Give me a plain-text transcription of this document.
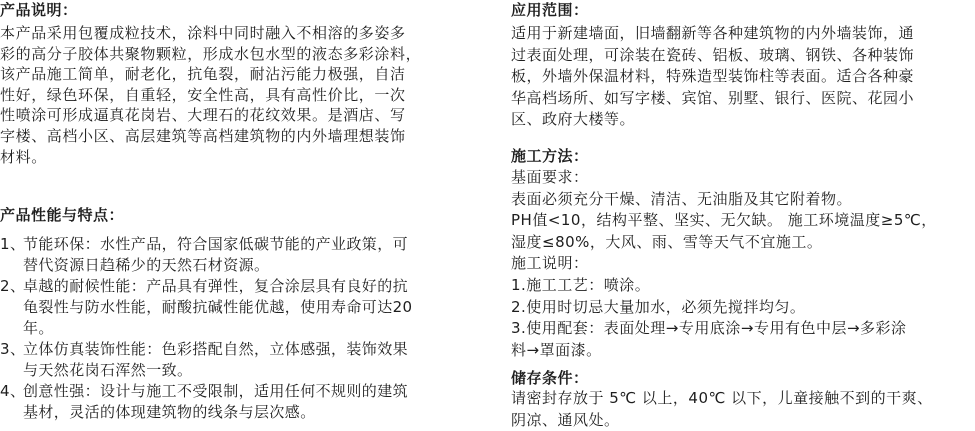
产品说明：
本产品采用包覆成粒技术，涂料中同时融入不相溶的多姿多
彩的高分子胶体共聚物颗粒，形成水包水型的液态多彩涂料，
该产品施工简单，耐老化，抗龟裂，耐沾污能力极强，自洁
性好，绿色环保，自重轻，安全性高，具有高性价比，一次
性喷涂可形成逼真花岗岩、大理石的花纹效果。是酒店、写
字楼、高档小区、高层建筑等高档建筑物的内外墙理想装饰
材料。
产品性能与特点：
1、
节能环保：水性产品，符合国家低碳节能的产业政策，可
替代资源日趋稀少的天然石材资源。
2、
卓越的耐候性能：产品具有弹性，复合涂层具有良好的抗
龟裂性与防水性能，耐酸抗碱性能优越，使用寿命可达20
年。
3、
立体仿真装饰性能：色彩搭配自然，立体感强，装饰效果
与天然花岗石浑然一致。
4、
创意性强：设计与施工不受限制，适用任何不规则的建筑
基材，灵活的体现建筑物的线条与层次感。
应用范围：
适用于新建墙面，旧墙翻新等各种建筑物的内外墙装饰，通
过表面处理，可涂装在瓷砖、铝板、玻璃、钢铁、各种装饰
板，外墙外保温材料，特殊造型装饰柱等表面。适合各种豪
华高档场所、如写字楼、宾馆、别墅、银行、医院、花园小
区、政府大楼等。
施工方法：
基面要求：
表面必须充分干燥、清洁、无油脂及其它附着物。
PH值<10，结构平整、坚实、无欠缺。 施工环境温度≥5℃，
湿度≤80%，大风、雨、雪等天气不宜施工。
施工说明：
1.施工工艺：喷涂。
2.使用时切忌大量加水，必须先搅拌均匀。
3.使用配套：表面处理→专用底涂→专用有色中层→多彩涂
料→罩面漆。
储存条件：
请密封存放于 5℃ 以上，40℃ 以下，儿童接触不到的干爽、
阴凉、通风处。
